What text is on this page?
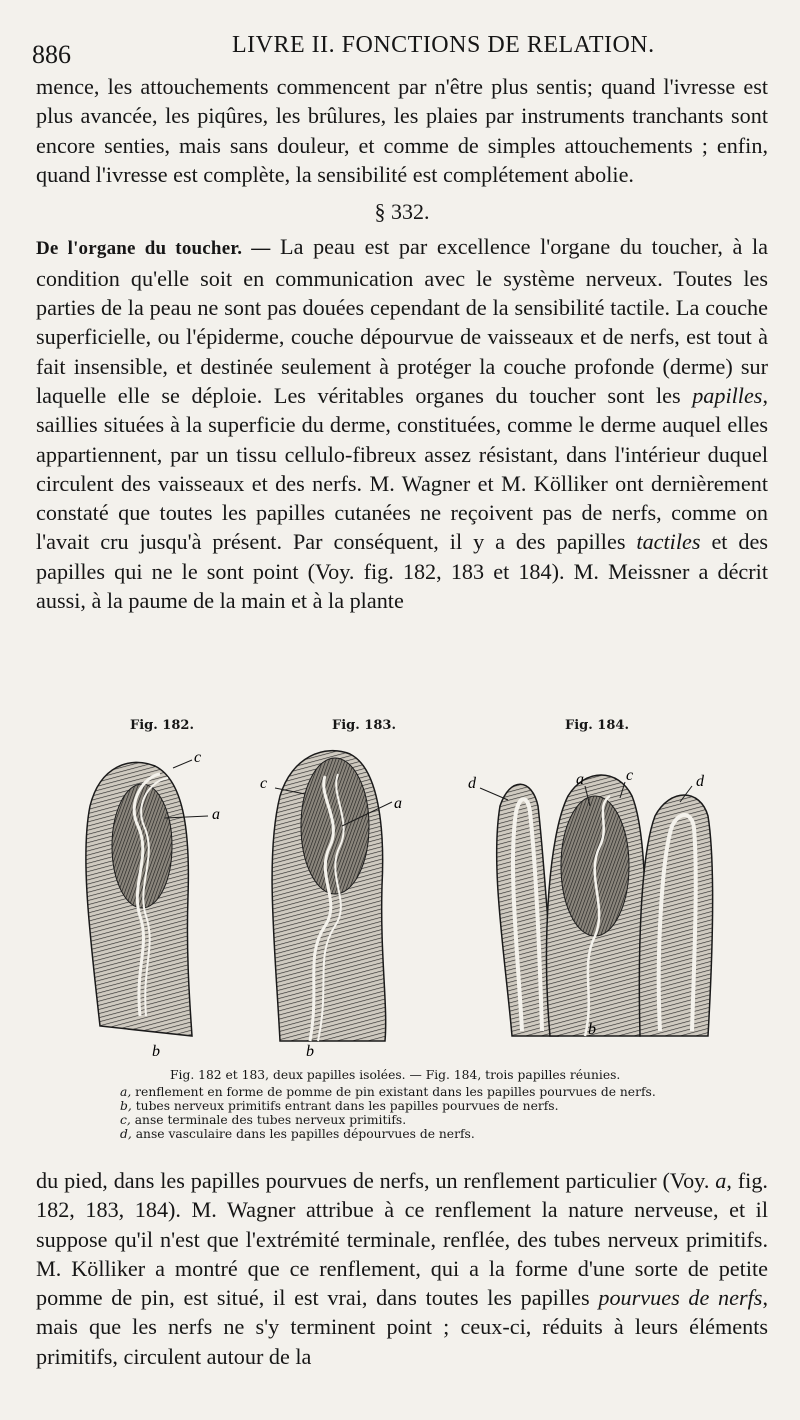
886	LIVRE II. FONCTIONS DE RELATION.

mence, les attouchements commencent par n'être plus sentis; quand l'ivresse est plus avancée, les piqûres, les brûlures, les plaies par instruments tranchants sont encore senties, mais sans douleur, et comme de simples attouchements ; enfin, quand l'ivresse est complète, la sensibilité est complétement abolie.

§ 332.

De l'organe du toucher. — La peau est par excellence l'organe du toucher, à la condition qu'elle soit en communication avec le système nerveux. Toutes les parties de la peau ne sont pas douées cependant de la sensibilité tactile. La couche superficielle, ou l'épiderme, couche dépourvue de vaisseaux et de nerfs, est tout à fait insensible, et destinée seulement à protéger la couche profonde (derme) sur laquelle elle se déploie. Les véritables organes du toucher sont les papilles, saillies situées à la superficie du derme, constituées, comme le derme auquel elles appartiennent, par un tissu cellulo-fibreux assez résistant, dans l'intérieur duquel circulent des vaisseaux et des nerfs. M. Wagner et M. Kölliker ont dernièrement constaté que toutes les papilles cutanées ne reçoivent pas de nerfs, comme on l'avait cru jusqu'à présent. Par conséquent, il y a des papilles tactiles et des papilles qui ne le sont point (Voy. fig. 182, 183 et 184). M. Meissner a décrit aussi, à la paume de la main et à la plante

Fig. 182.	Fig. 183.	Fig. 184.
c
a
b
c
a
b
d	a	c	d
b
Fig. 182 et 183, deux papilles isolées. — Fig. 184, trois papilles réunies.
a, renflement en forme de pomme de pin existant dans les papilles pourvues de nerfs.
b, tubes nerveux primitifs entrant dans les papilles pourvues de nerfs.
c, anse terminale des tubes nerveux primitifs.
d, anse vasculaire dans les papilles dépourvues de nerfs.

du pied, dans les papilles pourvues de nerfs, un renflement particulier (Voy. a, fig. 182, 183, 184). M. Wagner attribue à ce renflement la nature nerveuse, et il suppose qu'il n'est que l'extrémité terminale, renflée, des tubes nerveux primitifs. M. Kölliker a montré que ce renflement, qui a la forme d'une sorte de petite pomme de pin, est situé, il est vrai, dans toutes les papilles pourvues de nerfs, mais que les nerfs ne s'y terminent point ; ceux-ci, réduits à leurs éléments primitifs, circulent autour de la
